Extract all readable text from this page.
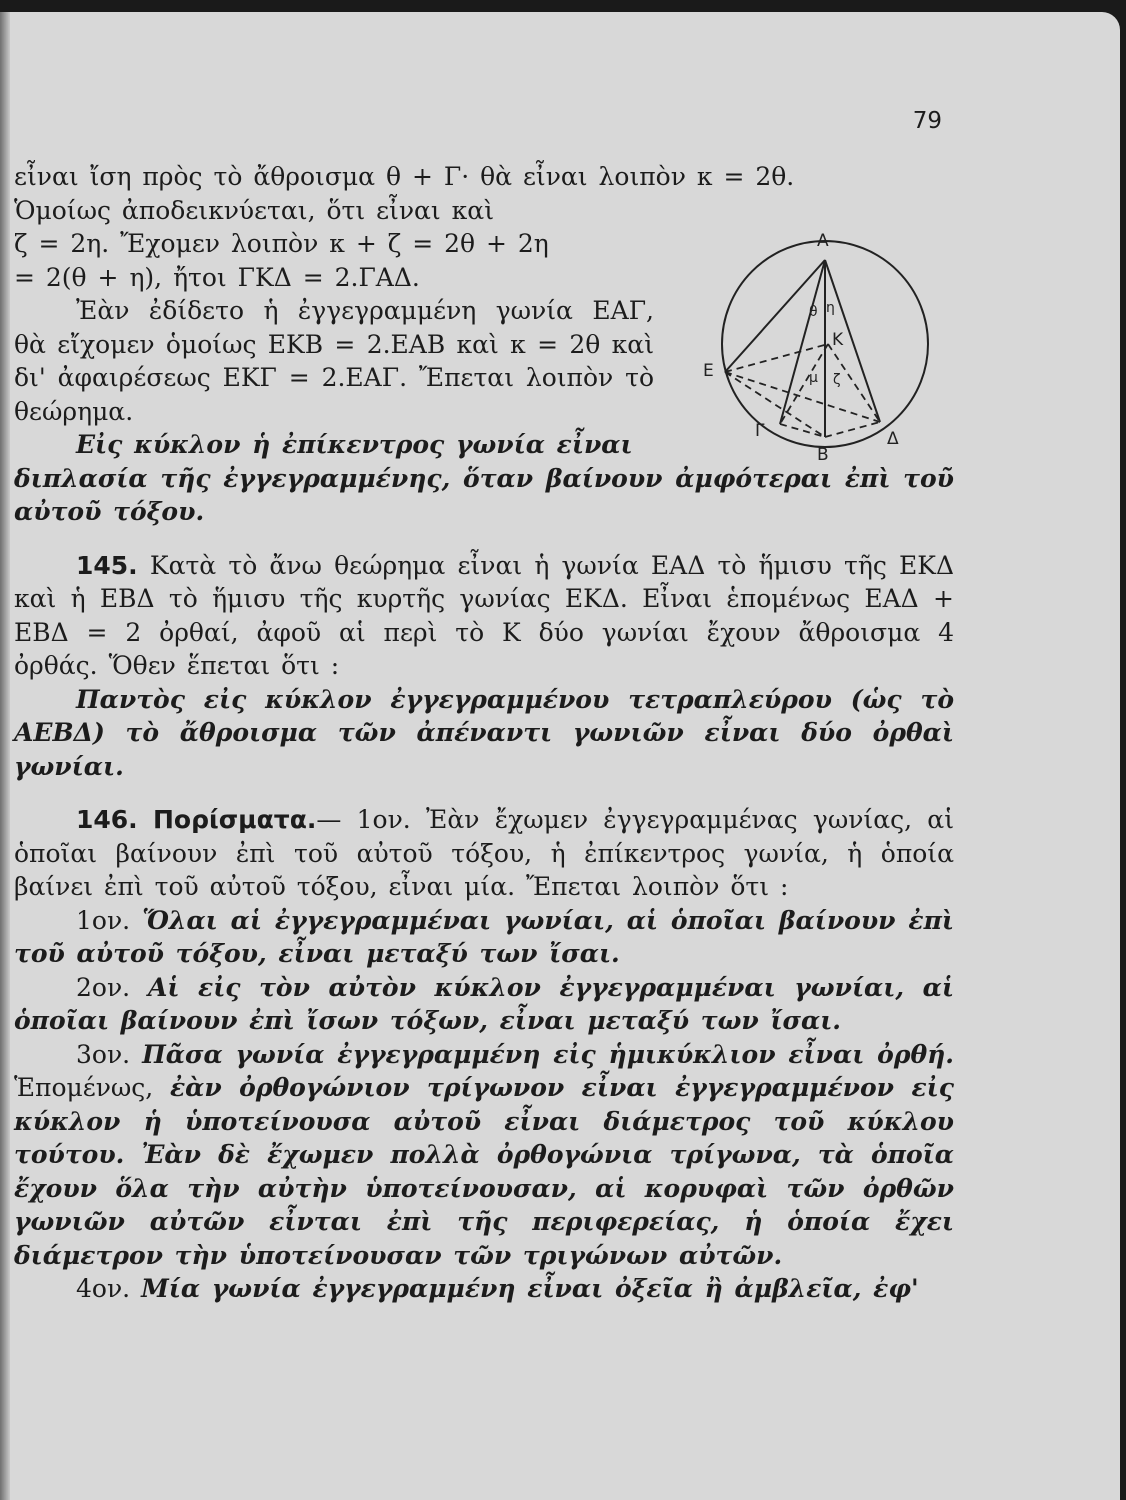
79
Α
Ε
Κ
Β
Γ	Δ
θ η
μ ζ

εἶναι ἴση πρὸς τὸ ἄθροισμα θ + Γ· θὰ εἶναι λοιπὸν κ = 2θ.

Ὁμοίως ἀποδεικνύεται, ὅτι εἶναι καὶ

ζ = 2η. Ἔχομεν λοιπὸν κ + ζ = 2θ + 2η

= 2(θ + η), ἤτοι ΓΚΔ = 2.ΓΑΔ.

Ἐὰν ἐδίδετο ἡ ἐγγεγραμμένη γωνία ΕΑΓ, θὰ εἴχομεν ὁμοίως ΕΚΒ = 2.ΕΑΒ καὶ κ = 2θ καὶ δι' ἀφαιρέσεως ΕΚΓ = 2.ΕΑΓ. Ἔπεται λοιπὸν τὸ θεώρημα.

Εἰς κύκλον ἡ ἐπίκεντρος γωνία εἶναι

διπλασία τῆς ἐγγεγραμμένης, ὅταν βαίνουν ἀμφότεραι ἐπὶ τοῦ αὐτοῦ τόξου.

145. Κατὰ τὸ ἄνω θεώρημα εἶναι ἡ γωνία ΕΑΔ τὸ ἥμισυ τῆς ΕΚΔ καὶ ἡ ΕΒΔ τὸ ἥμισυ τῆς κυρτῆς γωνίας ΕΚΔ. Εἶναι ἑπομένως ΕΑΔ + ΕΒΔ = 2 ὀρθαί, ἀφοῦ αἱ περὶ τὸ Κ δύο γωνίαι ἔχουν ἄθροισμα 4 ὀρθάς. Ὅθεν ἕπεται ὅτι :

Παντὸς εἰς κύκλον ἐγγεγραμμένου τετραπλεύρου (ὡς τὸ ΑΕΒΔ) τὸ ἄθροισμα τῶν ἀπέναντι γωνιῶν εἶναι δύο ὀρθαὶ γωνίαι.

146. Πορίσματα.— 1ον. Ἐὰν ἔχωμεν ἐγγεγραμμένας γωνίας, αἱ ὁποῖαι βαίνουν ἐπὶ τοῦ αὐτοῦ τόξου, ἡ ἐπίκεντρος γωνία, ἡ ὁποία βαίνει ἐπὶ τοῦ αὐτοῦ τόξου, εἶναι μία. Ἔπεται λοιπὸν ὅτι :

1ον. Ὅλαι αἱ ἐγγεγραμμέναι γωνίαι, αἱ ὁποῖαι βαίνουν ἐπὶ τοῦ αὐτοῦ τόξου, εἶναι μεταξύ των ἴσαι.

2ον. Αἱ εἰς τὸν αὐτὸν κύκλον ἐγγεγραμμέναι γωνίαι, αἱ ὁποῖαι βαίνουν ἐπὶ ἴσων τόξων, εἶναι μεταξύ των ἴσαι.

3ον. Πᾶσα γωνία ἐγγεγραμμένη εἰς ἡμικύκλιον εἶναι ὀρθή. Ἑπομένως, ἐὰν ὀρθογώνιον τρίγωνον εἶναι ἐγγεγραμμένον εἰς κύκλον ἡ ὑποτείνουσα αὐτοῦ εἶναι διάμετρος τοῦ κύκλου τούτου. Ἐὰν δὲ ἔχωμεν πολλὰ ὀρθογώνια τρίγωνα, τὰ ὁποῖα ἔχουν ὅλα τὴν αὐτὴν ὑποτείνουσαν, αἱ κορυφαὶ τῶν ὀρθῶν γωνιῶν αὐτῶν εἶνται ἐπὶ τῆς περιφερείας, ἡ ὁποία ἔχει διάμετρον τὴν ὑποτείνουσαν τῶν τριγώνων αὐτῶν.

4ον. Μία γωνία ἐγγεγραμμένη εἶναι ὀξεῖα ἢ ἀμβλεῖα, ἐφ'
